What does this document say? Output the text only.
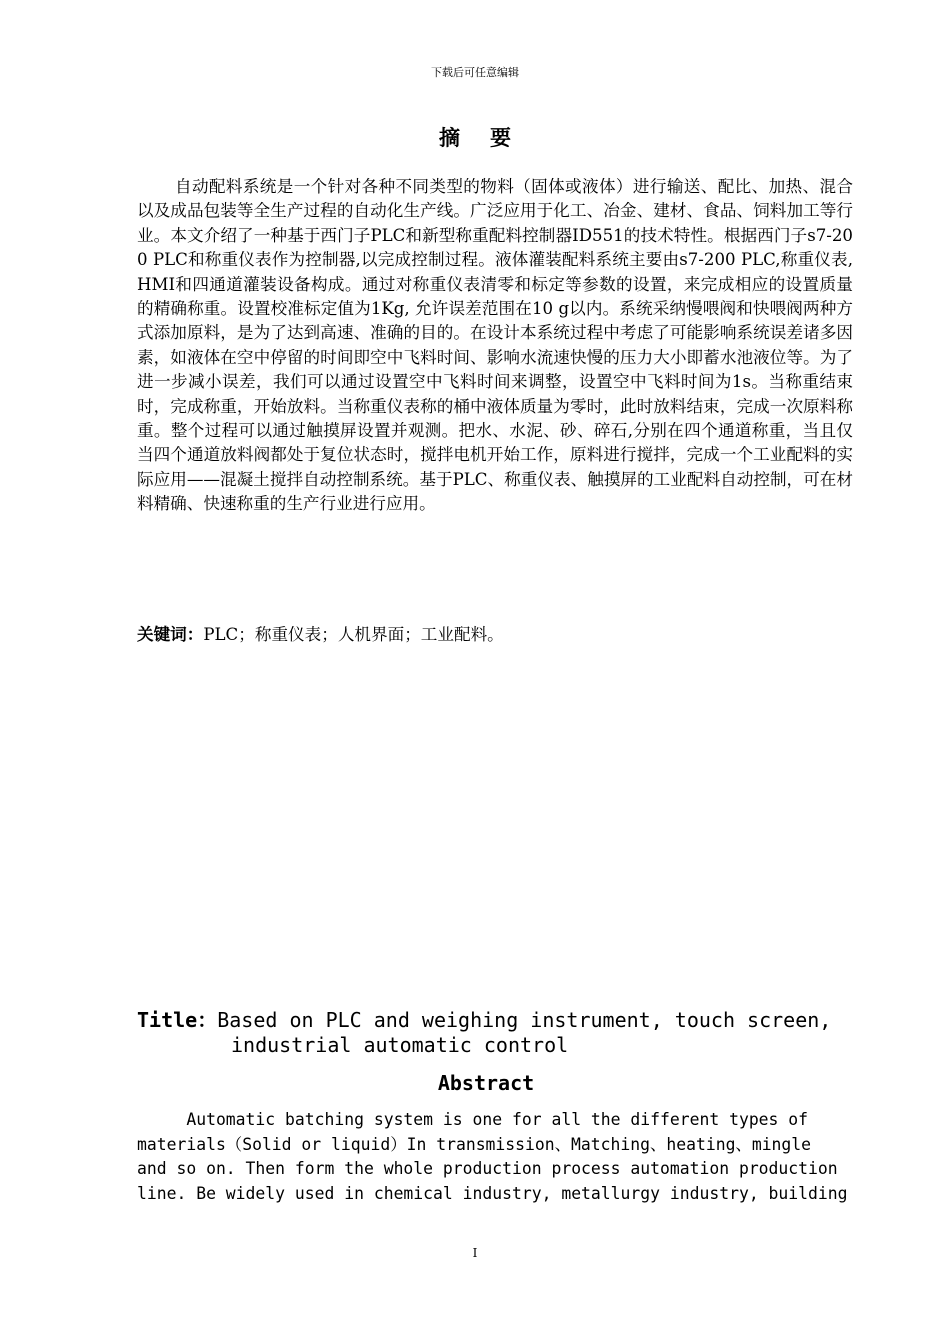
下载后可任意编辑
摘要

自动配料系统是一个针对各种不同类型的物料（固体或液体）进行输送、配比、加热、混合以及成品包装等全生产过程的自动化生产线。广泛应用于化工、冶金、建材、食品、饲料加工等行业。本文介绍了一种基于西门子PLC和新型称重配料控制器ID551的技术特性。根据西门子s7-200 PLC和称重仪表作为控制器,以完成控制过程。液体灌装配料系统主要由s7-200 PLC,称重仪表,HMI和四通道灌装设备构成。通过对称重仪表清零和标定等参数的设置，来完成相应的设置质量的精确称重。设置校准标定值为1Kg, 允许误差范围在10 g以内。系统采纳慢喂阀和快喂阀两种方式添加原料，是为了达到高速、准确的目的。在设计本系统过程中考虑了可能影响系统误差诸多因素，如液体在空中停留的时间即空中飞料时间、影响水流速快慢的压力大小即蓄水池液位等。为了进一步减小误差，我们可以通过设置空中飞料时间来调整，设置空中飞料时间为1s。当称重结束时，完成称重，开始放料。当称重仪表称的桶中液体质量为零时，此时放料结束，完成一次原料称重。整个过程可以通过触摸屏设置并观测。把水、水泥、砂、碎石,分别在四个通道称重，当且仅当四个通道放料阀都处于复位状态时，搅拌电机开始工作，原料进行搅拌，完成一个工业配料的实际应用——混凝土搅拌自动控制系统。基于PLC、称重仪表、触摸屏的工业配料自动控制，可在材料精确、快速称重的生产行业进行应用。

关键词：PLC；称重仪表；人机界面；工业配料。

Title：Based on PLC and weighing instrument, touch screen,
industrial automatic control
Abstract
Automatic batching system is one for all the different types of
materials（Solid or liquid）In transmission、Matching、heating、mingle
and so on. Then form the whole production process automation production
line. Be widely used in chemical industry, metallurgy industry, building
I
